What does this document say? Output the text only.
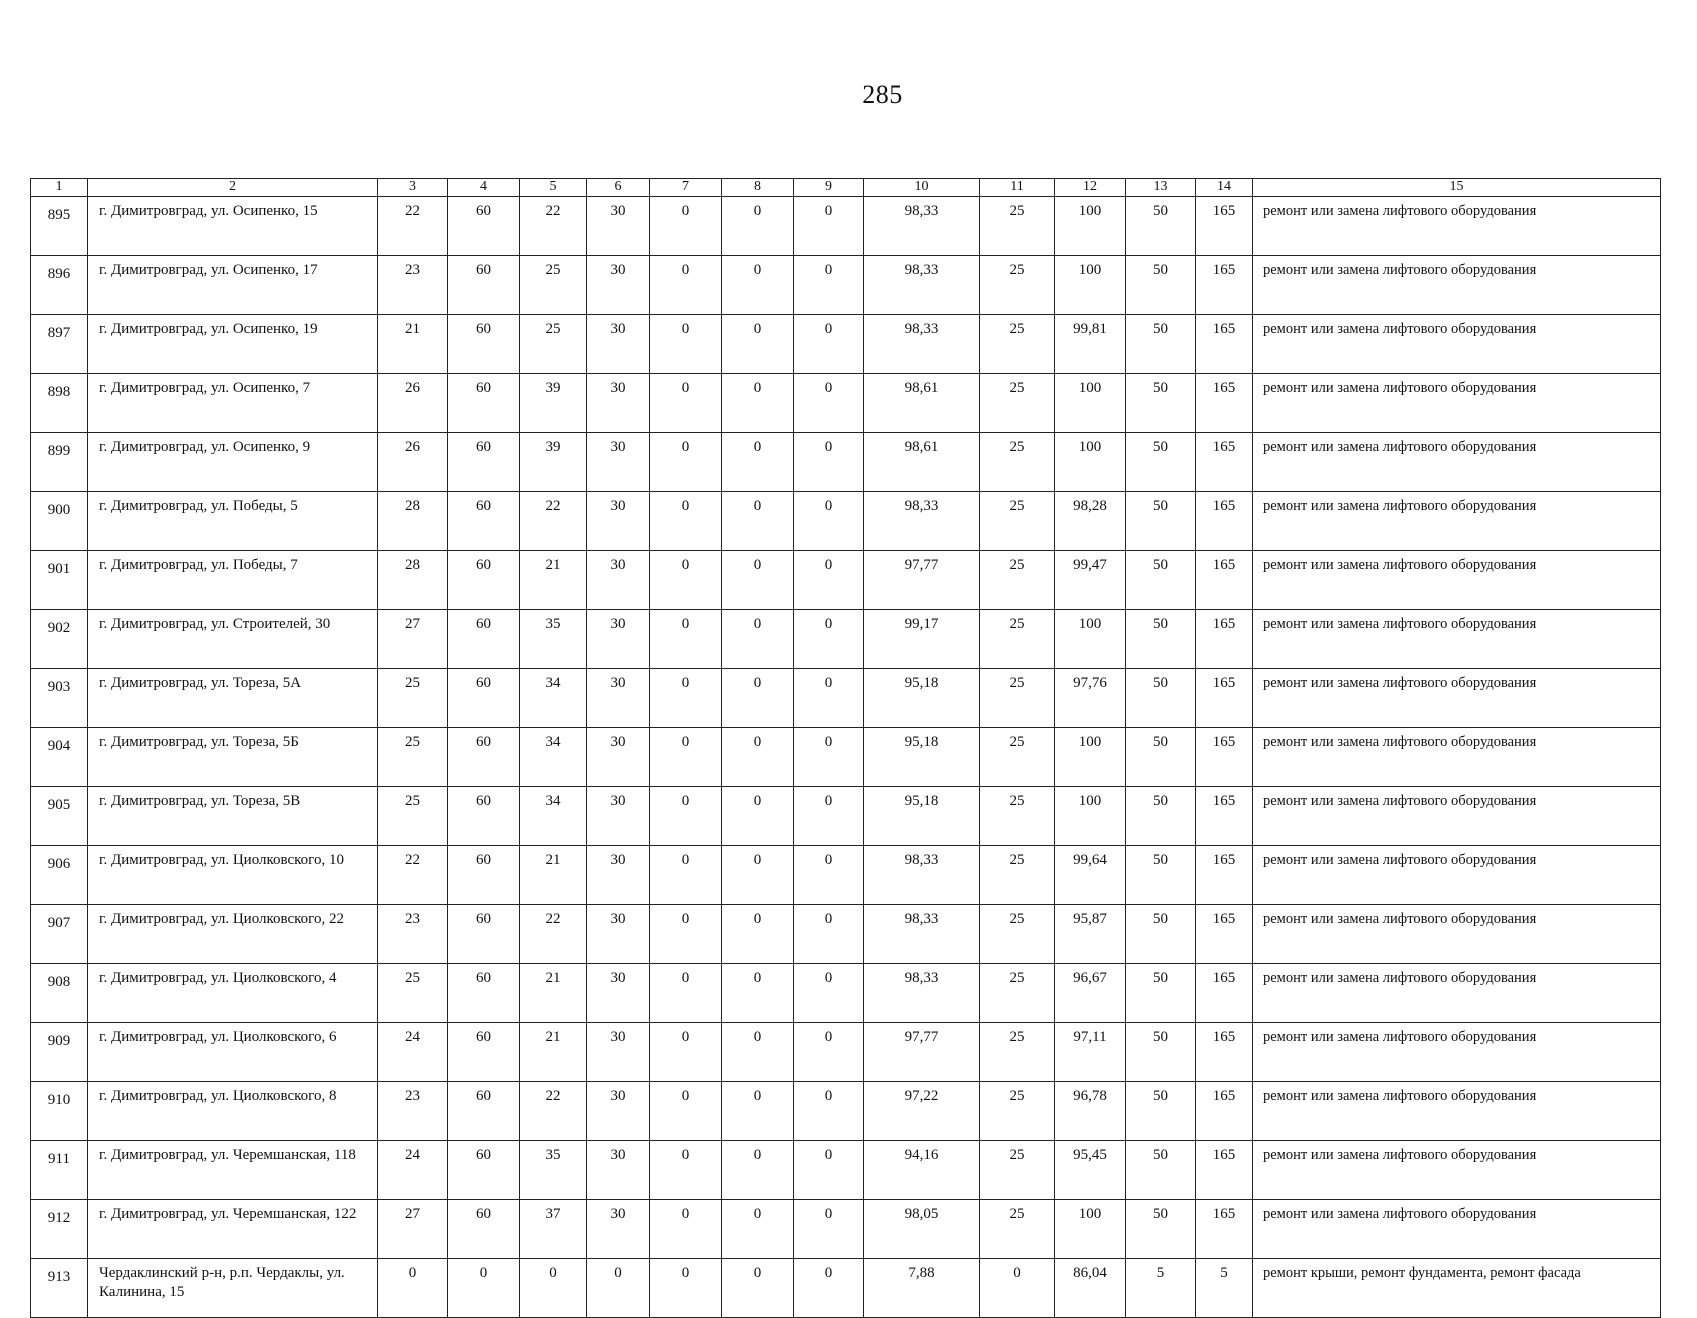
285
1	2	3	4	5	6	7	8	9	10	11	12	13	14	15
895	г. Димитровград, ул. Осипенко, 15	22	60	22	30	0	0	0	98,33	25	100	50	165	ремонт или замена лифтового оборудования
896	г. Димитровград, ул. Осипенко, 17	23	60	25	30	0	0	0	98,33	25	100	50	165	ремонт или замена лифтового оборудования
897	г. Димитровград, ул. Осипенко, 19	21	60	25	30	0	0	0	98,33	25	99,81	50	165	ремонт или замена лифтового оборудования
898	г. Димитровград, ул. Осипенко, 7	26	60	39	30	0	0	0	98,61	25	100	50	165	ремонт или замена лифтового оборудования
899	г. Димитровград, ул. Осипенко, 9	26	60	39	30	0	0	0	98,61	25	100	50	165	ремонт или замена лифтового оборудования
900	г. Димитровград, ул. Победы, 5	28	60	22	30	0	0	0	98,33	25	98,28	50	165	ремонт или замена лифтового оборудования
901	г. Димитровград, ул. Победы, 7	28	60	21	30	0	0	0	97,77	25	99,47	50	165	ремонт или замена лифтового оборудования
902	г. Димитровград, ул. Строителей, 30	27	60	35	30	0	0	0	99,17	25	100	50	165	ремонт или замена лифтового оборудования
903	г. Димитровград, ул. Тореза, 5А	25	60	34	30	0	0	0	95,18	25	97,76	50	165	ремонт или замена лифтового оборудования
904	г. Димитровград, ул. Тореза, 5Б	25	60	34	30	0	0	0	95,18	25	100	50	165	ремонт или замена лифтового оборудования
905	г. Димитровград, ул. Тореза, 5В	25	60	34	30	0	0	0	95,18	25	100	50	165	ремонт или замена лифтового оборудования
906	г. Димитровград, ул. Циолковского, 10	22	60	21	30	0	0	0	98,33	25	99,64	50	165	ремонт или замена лифтового оборудования
907	г. Димитровград, ул. Циолковского, 22	23	60	22	30	0	0	0	98,33	25	95,87	50	165	ремонт или замена лифтового оборудования
908	г. Димитровград, ул. Циолковского, 4	25	60	21	30	0	0	0	98,33	25	96,67	50	165	ремонт или замена лифтового оборудования
909	г. Димитровград, ул. Циолковского, 6	24	60	21	30	0	0	0	97,77	25	97,11	50	165	ремонт или замена лифтового оборудования
910	г. Димитровград, ул. Циолковского, 8	23	60	22	30	0	0	0	97,22	25	96,78	50	165	ремонт или замена лифтового оборудования
911	г. Димитровград, ул. Черемшанская, 118	24	60	35	30	0	0	0	94,16	25	95,45	50	165	ремонт или замена лифтового оборудования
912	г. Димитровград, ул. Черемшанская, 122	27	60	37	30	0	0	0	98,05	25	100	50	165	ремонт или замена лифтового оборудования
913	Чердаклинский р-н, р.п. Чердаклы, ул. Калинина, 15	0	0	0	0	0	0	0	7,88	0	86,04	5	5	ремонт крыши, ремонт фундамента, ремонт фасада
